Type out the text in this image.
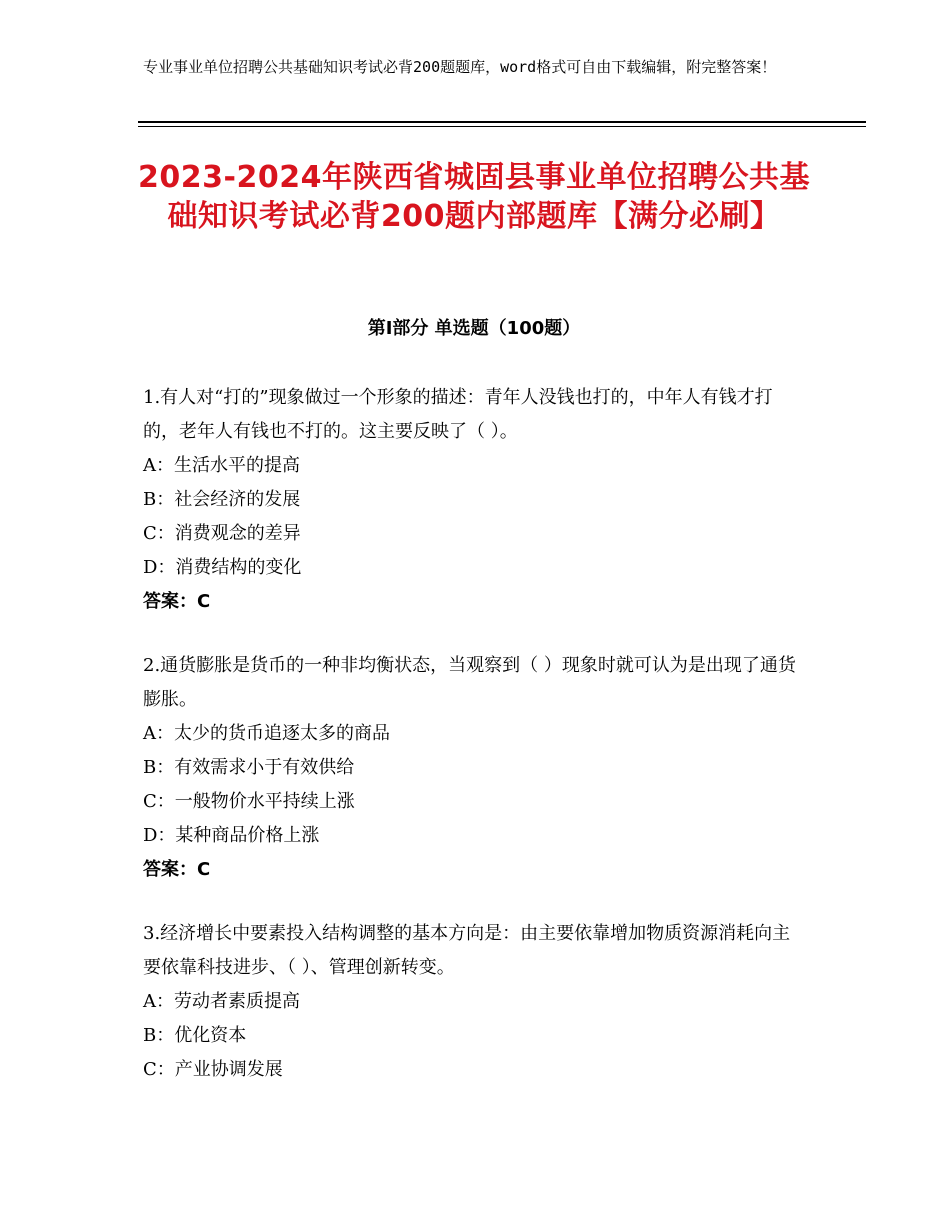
专业事业单位招聘公共基础知识考试必背200题题库，word格式可自由下载编辑，附完整答案！
2023-2024年陕西省城固县事业单位招聘公共基础知识考试必背200题内部题库【满分必刷】
第Ⅰ部分 单选题（100题）
1.有人对“打的”现象做过一个形象的描述：青年人没钱也打的，中年人有钱才打的，老年人有钱也不打的。这主要反映了（ ）。
A：生活水平的提高
B：社会经济的发展
C：消费观念的差异
D：消费结构的变化
答案：C
2.通货膨胀是货币的一种非均衡状态，当观察到（ ）现象时就可认为是出现了通货膨胀。
A：太少的货币追逐太多的商品
B：有效需求小于有效供给
C：一般物价水平持续上涨
D：某种商品价格上涨
答案：C
3.经济增长中要素投入结构调整的基本方向是：由主要依靠增加物质资源消耗向主要依靠科技进步、（ ）、管理创新转变。
A：劳动者素质提高
B：优化资本
C：产业协调发展
